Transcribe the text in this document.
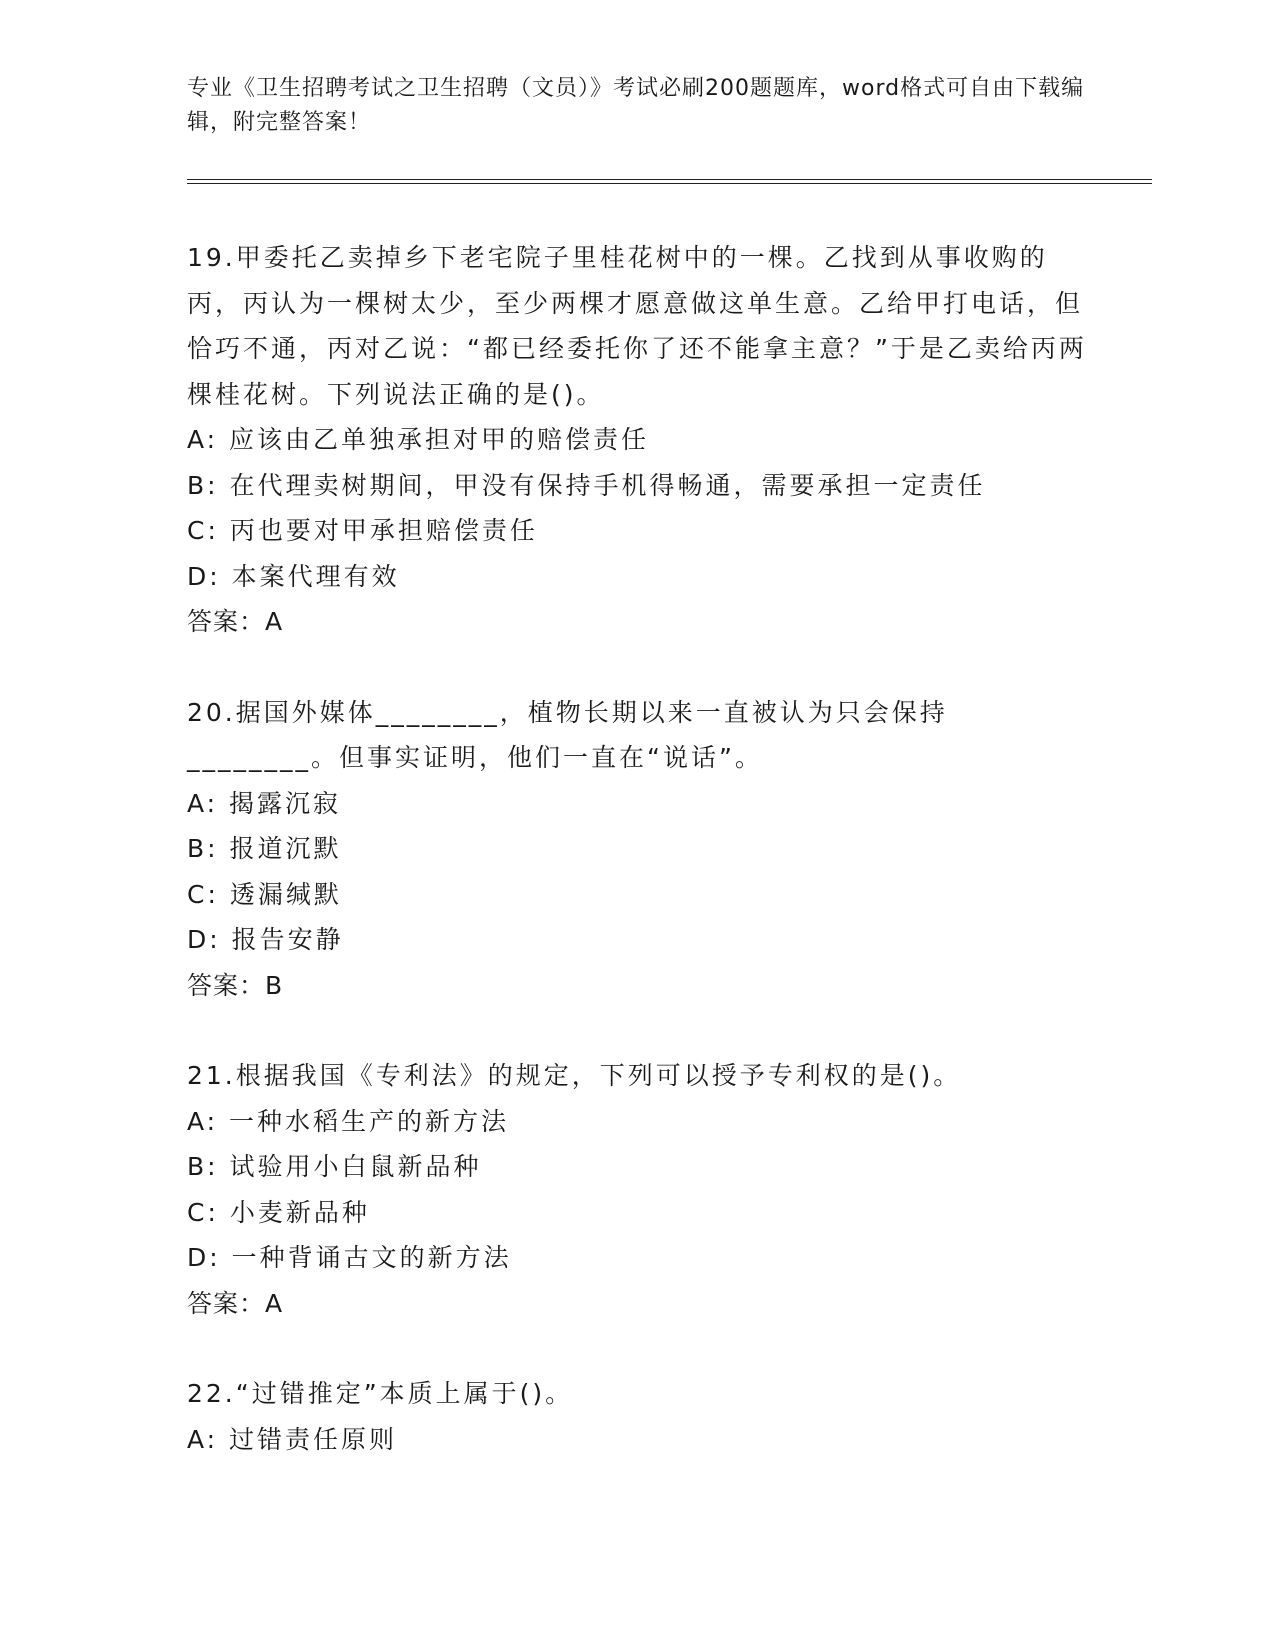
专业《卫生招聘考试之卫生招聘（文员）》考试必刷200题题库，word格式可自由下载编辑，附完整答案！

19.甲委托乙卖掉乡下老宅院子里桂花树中的一棵。乙找到从事收购的丙，丙认为一棵树太少，至少两棵才愿意做这单生意。乙给甲打电话，但恰巧不通，丙对乙说：“都已经委托你了还不能拿主意？”于是乙卖给丙两棵桂花树。下列说法正确的是()。

A: 应该由乙单独承担对甲的赔偿责任

B: 在代理卖树期间，甲没有保持手机得畅通，需要承担一定责任

C: 丙也要对甲承担赔偿责任

D: 本案代理有效

答案：A

20.据国外媒体________，植物长期以来一直被认为只会保持________。但事实证明，他们一直在“说话”。

A: 揭露沉寂

B: 报道沉默

C: 透漏缄默

D: 报告安静

答案：B

21.根据我国《专利法》的规定，下列可以授予专利权的是()。

A: 一种水稻生产的新方法

B: 试验用小白鼠新品种

C: 小麦新品种

D: 一种背诵古文的新方法

答案：A

22.“过错推定”本质上属于()。

A: 过错责任原则
